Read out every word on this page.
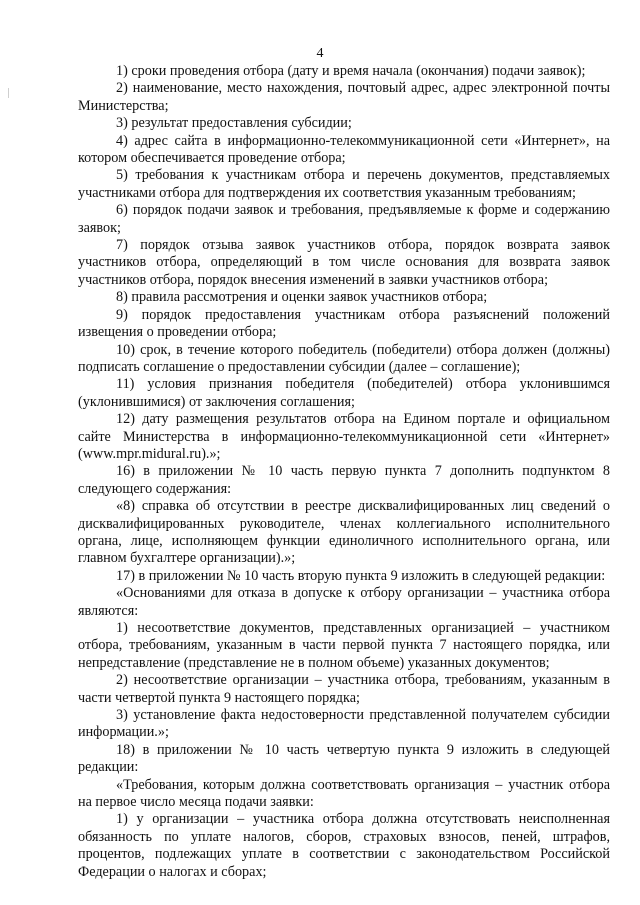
4

1) сроки проведения отбора (дату и время начала (окончания) подачи заявок);

2) наименование, место нахождения, почтовый адрес, адрес электронной почты Министерства;

3) результат предоставления субсидии;

4) адрес сайта в информационно-телекоммуникационной сети «Интернет», на котором обеспечивается проведение отбора;

5) требования к участникам отбора и перечень документов, представляемых участниками отбора для подтверждения их соответствия указанным требованиям;

6) порядок подачи заявок и требования, предъявляемые к форме и содержанию заявок;

7) порядок отзыва заявок участников отбора, порядок возврата заявок участников отбора, определяющий в том числе основания для возврата заявок участников отбора, порядок внесения изменений в заявки участников отбора;

8) правила рассмотрения и оценки заявок участников отбора;

9) порядок предоставления участникам отбора разъяснений положений извещения о проведении отбора;

10) срок, в течение которого победитель (победители) отбора должен (должны) подписать соглашение о предоставлении субсидии (далее – соглашение);

11) условия признания победителя (победителей) отбора уклонившимся (уклонившимися) от заключения соглашения;

12) дату размещения результатов отбора на Едином портале и официальном сайте Министерства в информационно-телекоммуникационной сети «Интернет» (www.mpr.midural.ru).»;

16) в приложении № 10 часть первую пункта 7 дополнить подпунктом 8 следующего содержания:

«8) справка об отсутствии в реестре дисквалифицированных лиц сведений о дисквалифицированных руководителе, членах коллегиального исполнительного органа, лице, исполняющем функции единоличного исполнительного органа, или главном бухгалтере организации).»;

17) в приложении № 10 часть вторую пункта 9 изложить в следующей редакции:

«Основаниями для отказа в допуске к отбору организации – участника отбора являются:

1) несоответствие документов, представленных организацией – участником отбора, требованиям, указанным в части первой пункта 7 настоящего порядка, или непредставление (представление не в полном объеме) указанных документов;

2) несоответствие организации – участника отбора, требованиям, указанным в части четвертой пункта 9 настоящего порядка;

3) установление факта недостоверности представленной получателем субсидии информации.»;

18) в приложении № 10 часть четвертую пункта 9 изложить в следующей редакции:

«Требования, которым должна соответствовать организация – участник отбора на первое число месяца подачи заявки:

1) у организации – участника отбора должна отсутствовать неисполненная обязанность по уплате налогов, сборов, страховых взносов, пеней, штрафов, процентов, подлежащих уплате в соответствии с законодательством Российской Федерации о налогах и сборах;
